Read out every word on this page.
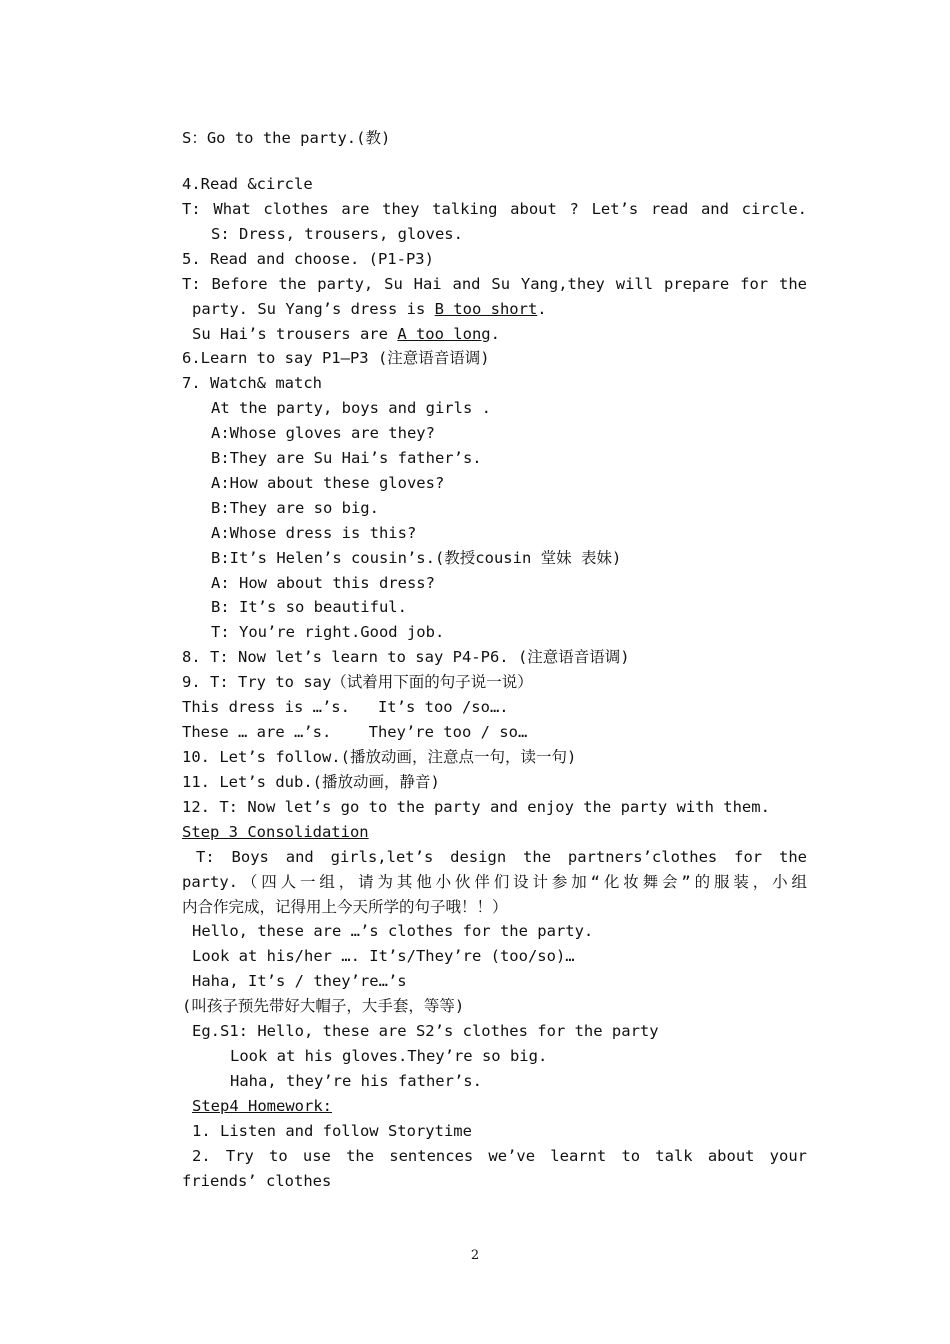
S：Go to the party.(教)
4.Read &circle
T: What clothes are they talking about ? Let’s read and circle.
S: Dress, trousers, gloves.
5. Read and choose. (P1-P3)
T: Before the party, Su Hai and Su Yang,they will prepare for the
party. Su Yang’s dress is B too short.
Su Hai’s trousers are A too long.
6.Learn to say P1—P3 (注意语音语调)
7. Watch& match
At the party, boys and girls .
A:Whose gloves are they?
B:They are Su Hai’s father’s.
A:How about these gloves?
B:They are so big.
A:Whose dress is this?
B:It’s Helen’s cousin’s.(教授cousin 堂妹 表妹)
A: How about this dress?
B: It’s so beautiful.
T: You’re right.Good job.
8. T: Now let’s learn to say P4-P6. (注意语音语调)
9. T: Try to say（试着用下面的句子说一说）
This dress is …’s.   It’s too /so….
These … are …’s.    They’re too / so…
10. Let’s follow.(播放动画，注意点一句，读一句)
11. Let’s dub.(播放动画，静音)
12. T: Now let’s go to the party and enjoy the party with them.
Step 3 Consolidation
T: Boys and girls,let’s design the partners’clothes for the
party.（四人一组，请为其他小伙伴们设计参加“化妆舞会”的服装，小组
内合作完成，记得用上今天所学的句子哦！！）
Hello, these are …’s clothes for the party.
Look at his/her …. It’s/They’re (too/so)…
Haha, It’s / they’re…’s
(叫孩子预先带好大帽子，大手套，等等)
Eg.S1: Hello, these are S2’s clothes for the party
Look at his gloves.They’re so big.
Haha, they’re his father’s.
Step4 Homework:
1. Listen and follow Storytime
2. Try to use the sentences we’ve learnt to talk about your
friends’ clothes
2
